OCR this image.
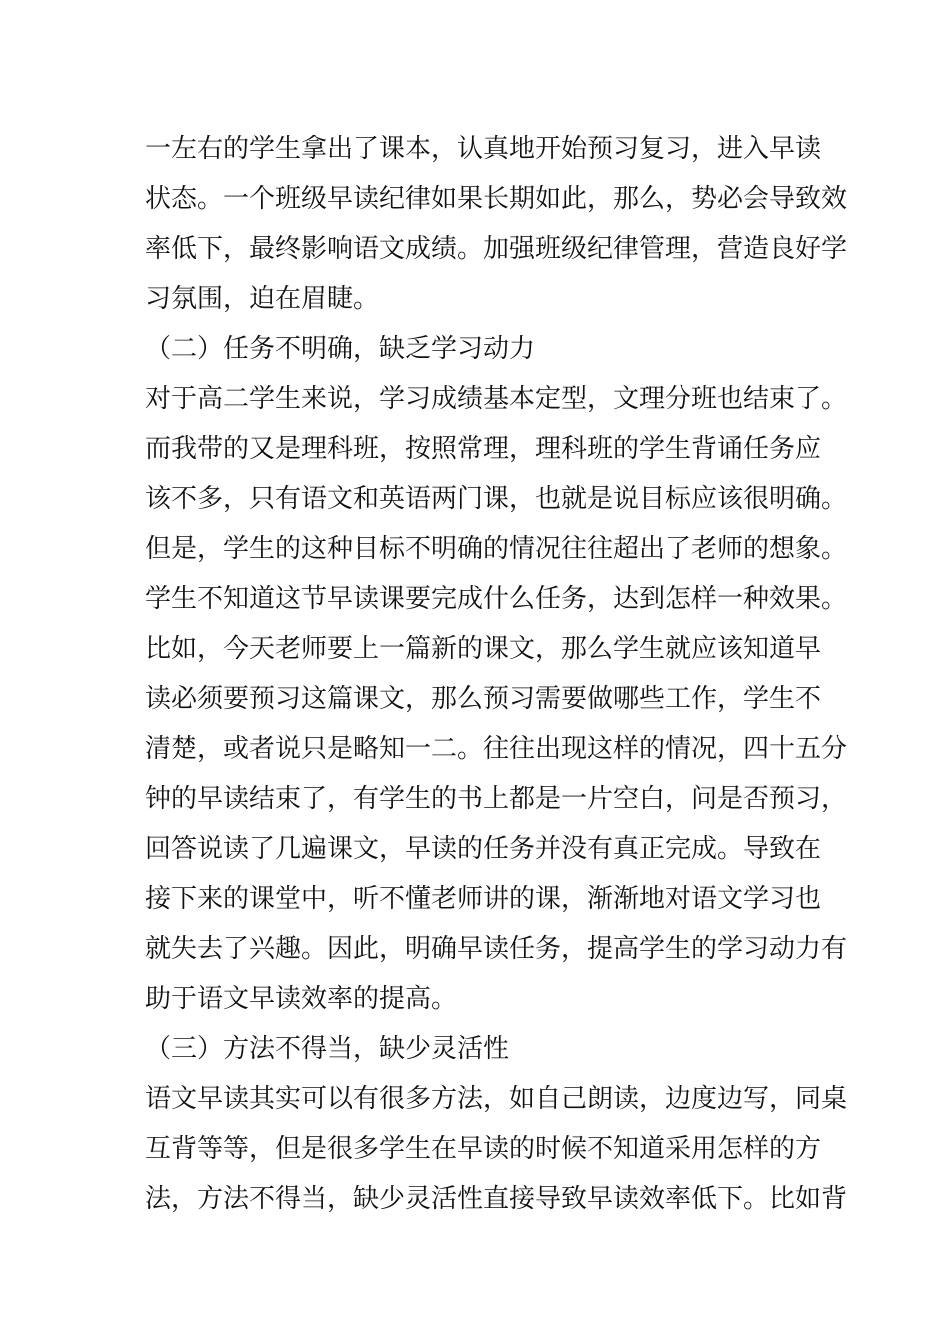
一左右的学生拿出了课本，认真地开始预习复习，进入早读
状态。一个班级早读纪律如果长期如此，那么，势必会导致效
率低下，最终影响语文成绩。加强班级纪律管理，营造良好学
习氛围，迫在眉睫。
（二）任务不明确，缺乏学习动力
对于高二学生来说，学习成绩基本定型，文理分班也结束了。
而我带的又是理科班，按照常理，理科班的学生背诵任务应
该不多，只有语文和英语两门课，也就是说目标应该很明确。
但是，学生的这种目标不明确的情况往往超出了老师的想象。
学生不知道这节早读课要完成什么任务，达到怎样一种效果。
比如，今天老师要上一篇新的课文，那么学生就应该知道早
读必须要预习这篇课文，那么预习需要做哪些工作，学生不
清楚，或者说只是略知一二。往往出现这样的情况，四十五分
钟的早读结束了，有学生的书上都是一片空白，问是否预习，
回答说读了几遍课文，早读的任务并没有真正完成。导致在
接下来的课堂中，听不懂老师讲的课，渐渐地对语文学习也
就失去了兴趣。因此，明确早读任务，提高学生的学习动力有
助于语文早读效率的提高。
（三）方法不得当，缺少灵活性
语文早读其实可以有很多方法，如自己朗读，边度边写，同桌
互背等等，但是很多学生在早读的时候不知道采用怎样的方
法，方法不得当，缺少灵活性直接导致早读效率低下。比如背
